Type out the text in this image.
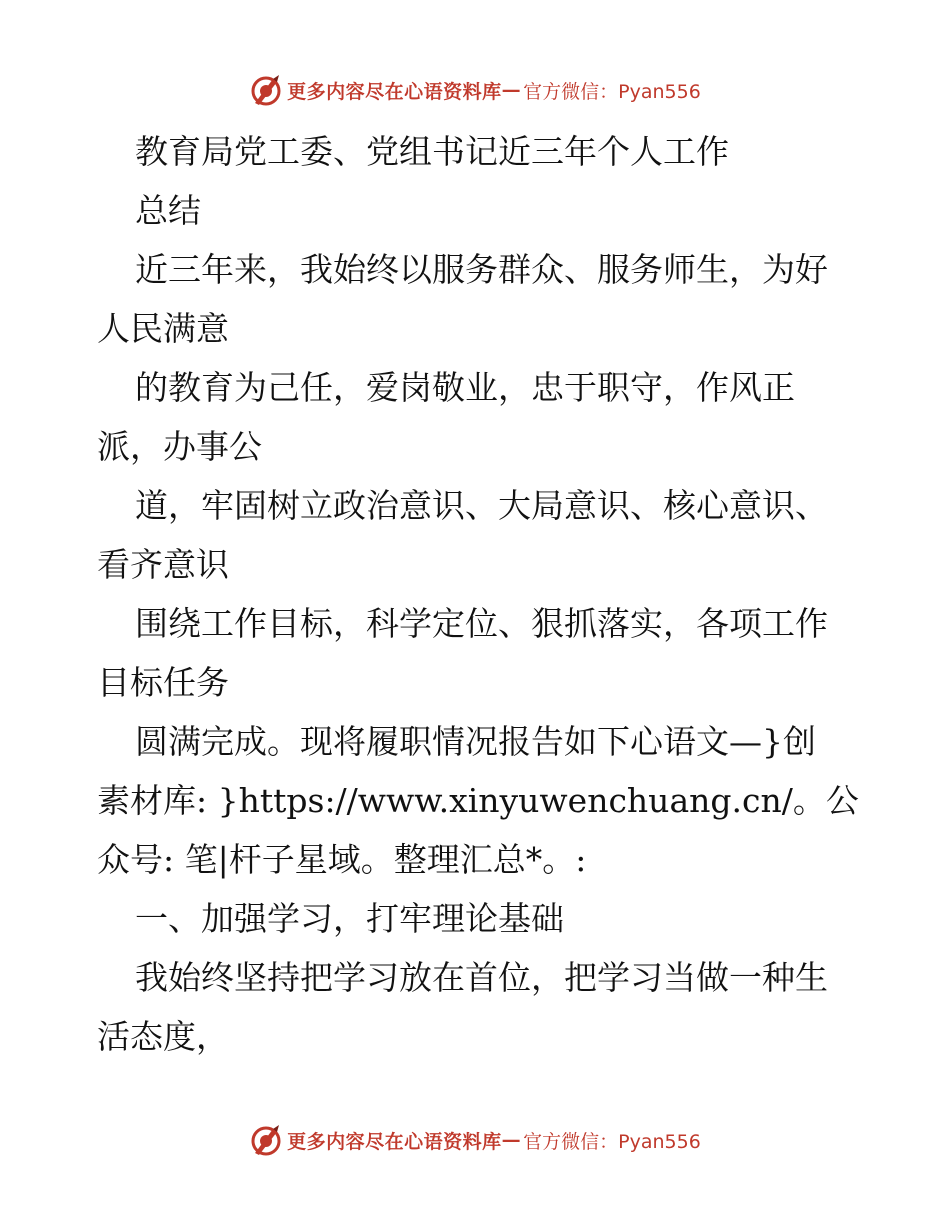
更多内容尽在心语资料库 — 官方微信：Pyan556

教育局党工委、党组书记近三年个人工作

总结

近三年来，我始终以服务群众、服务师生，为好

人民满意

的教育为己任，爱岗敬业，忠于职守，作风正

派，办事公

道，牢固树立政治意识、大局意识、核心意识、

看齐意识

围绕工作目标，科学定位、狠抓落实，各项工作

目标任务

圆满完成。现将履职情况报告如下心语文—}创

素材库: }https://www.xinyuwenchuang.cn/。公

众号: 笔|杆子星域。整理汇总*。:

一、加强学习，打牢理论基础

我始终坚持把学习放在首位，把学习当做一种生

活态度，

更多内容尽在心语资料库 — 官方微信：Pyan556
